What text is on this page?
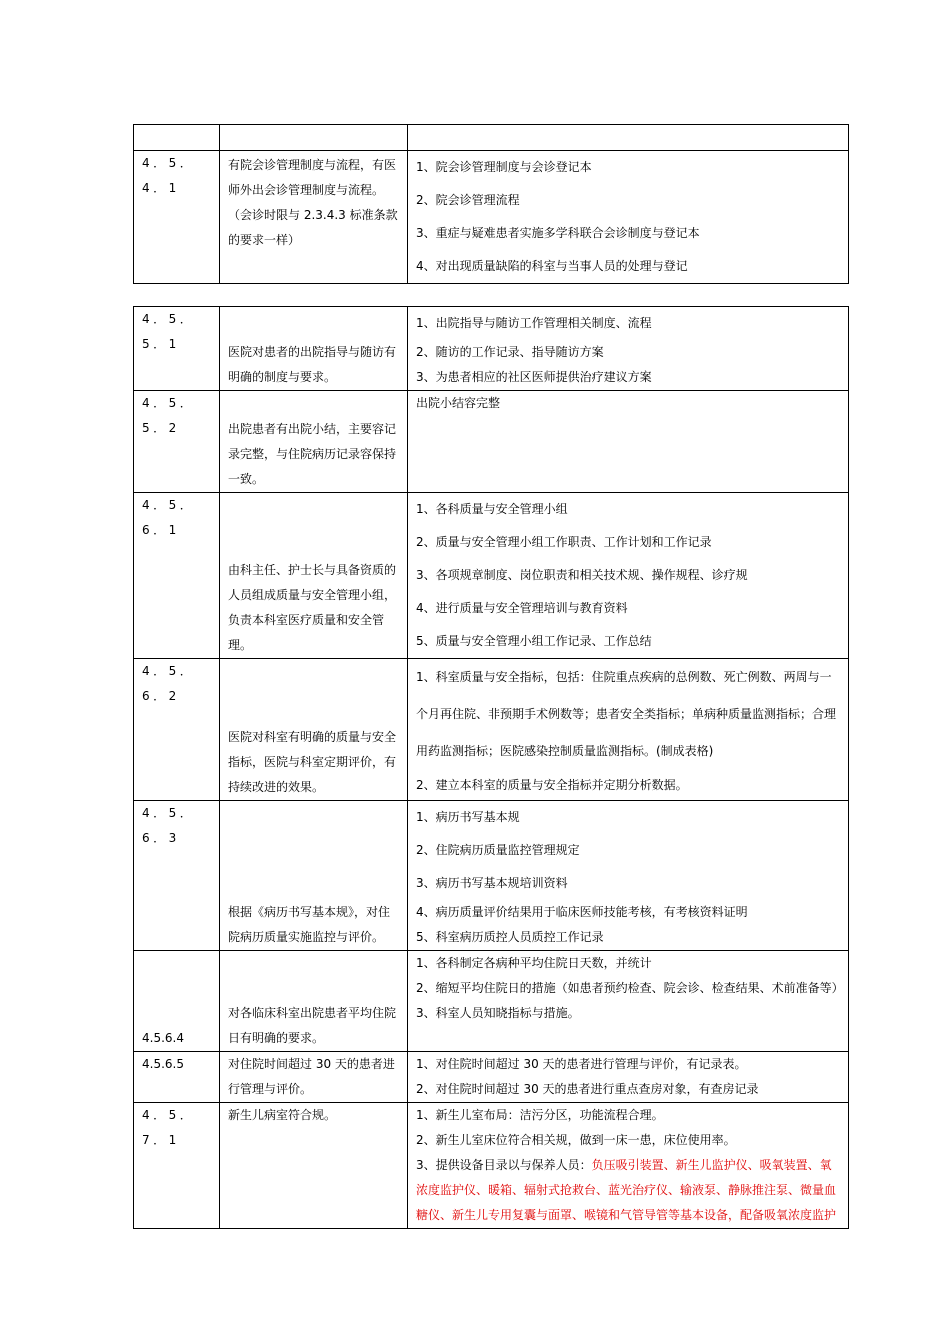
4．5．4．1	有院会诊管理制度与流程，有医师外出会诊管理制度与流程。（会诊时限与 2.3.4.3 标准条款的要求一样）	1、院会诊管理制度与会诊登记本
2、院会诊管理流程
3、重症与疑难患者实施多学科联合会诊制度与登记本
4、对出现质量缺陷的科室与当事人员的处理与登记

4．5．5．1	医院对患者的出院指导与随访有明确的制度与要求。	1、出院指导与随访工作管理相关制度、流程
2、随访的工作记录、指导随访方案
3、为患者相应的社区医师提供治疗建议方案

4．5．5．2	出院患者有出院小结，主要容记录完整，与住院病历记录容保持一致。	出院小结容完整

4．5．6．1	由科主任、护士长与具备资质的人员组成质量与安全管理小组，负责本科室医疗质量和安全管理。	1、各科质量与安全管理小组
2、质量与安全管理小组工作职责、工作计划和工作记录
3、各项规章制度、岗位职责和相关技术规、操作规程、诊疗规
4、进行质量与安全管理培训与教育资料
5、质量与安全管理小组工作记录、工作总结

4．5．6．2	医院对科室有明确的质量与安全指标，医院与科室定期评价，有持续改进的效果。	1、科室质量与安全指标，包括：住院重点疾病的总例数、死亡例数、两周与一
个月再住院、非预期手术例数等；患者安全类指标；单病种质量监测指标；合理
用药监测指标；医院感染控制质量监测指标。(制成表格)
2、建立本科室的质量与安全指标并定期分析数据。

4．5．6．3	根据《病历书写基本规》，对住院病历质量实施监控与评价。	1、病历书写基本规
2、住院病历质量监控管理规定
3、病历书写基本规培训资料
4、病历质量评价结果用于临床医师技能考核，有考核资料证明
5、科室病历质控人员质控工作记录

4.5.6.4	对各临床科室出院患者平均住院日有明确的要求。	1、各科制定各病种平均住院日天数，并统计
2、缩短平均住院日的措施（如患者预约检查、院会诊、检查结果、术前准备等）
3、科室人员知晓指标与措施。

4.5.6.5	对住院时间超过 30 天的患者进行管理与评价。	1、对住院时间超过 30 天的患者进行管理与评价，有记录表。
2、对住院时间超过 30 天的患者进行重点查房对象，有查房记录

4．5．7．1	新生儿病室符合规。	1、新生儿室布局：洁污分区，功能流程合理。
2、新生儿室床位符合相关规，做到一床一患，床位使用率。
3、提供设备目录以与保养人员：负压吸引装置、新生儿监护仪、吸氧装置、氧浓度监护仪、暖箱、辐射式抢救台、蓝光治疗仪、输液泵、静脉推注泵、微量血糖仪、新生儿专用复囊与面罩、喉镜和气管导管等基本设备，配备吸氧浓度监护
